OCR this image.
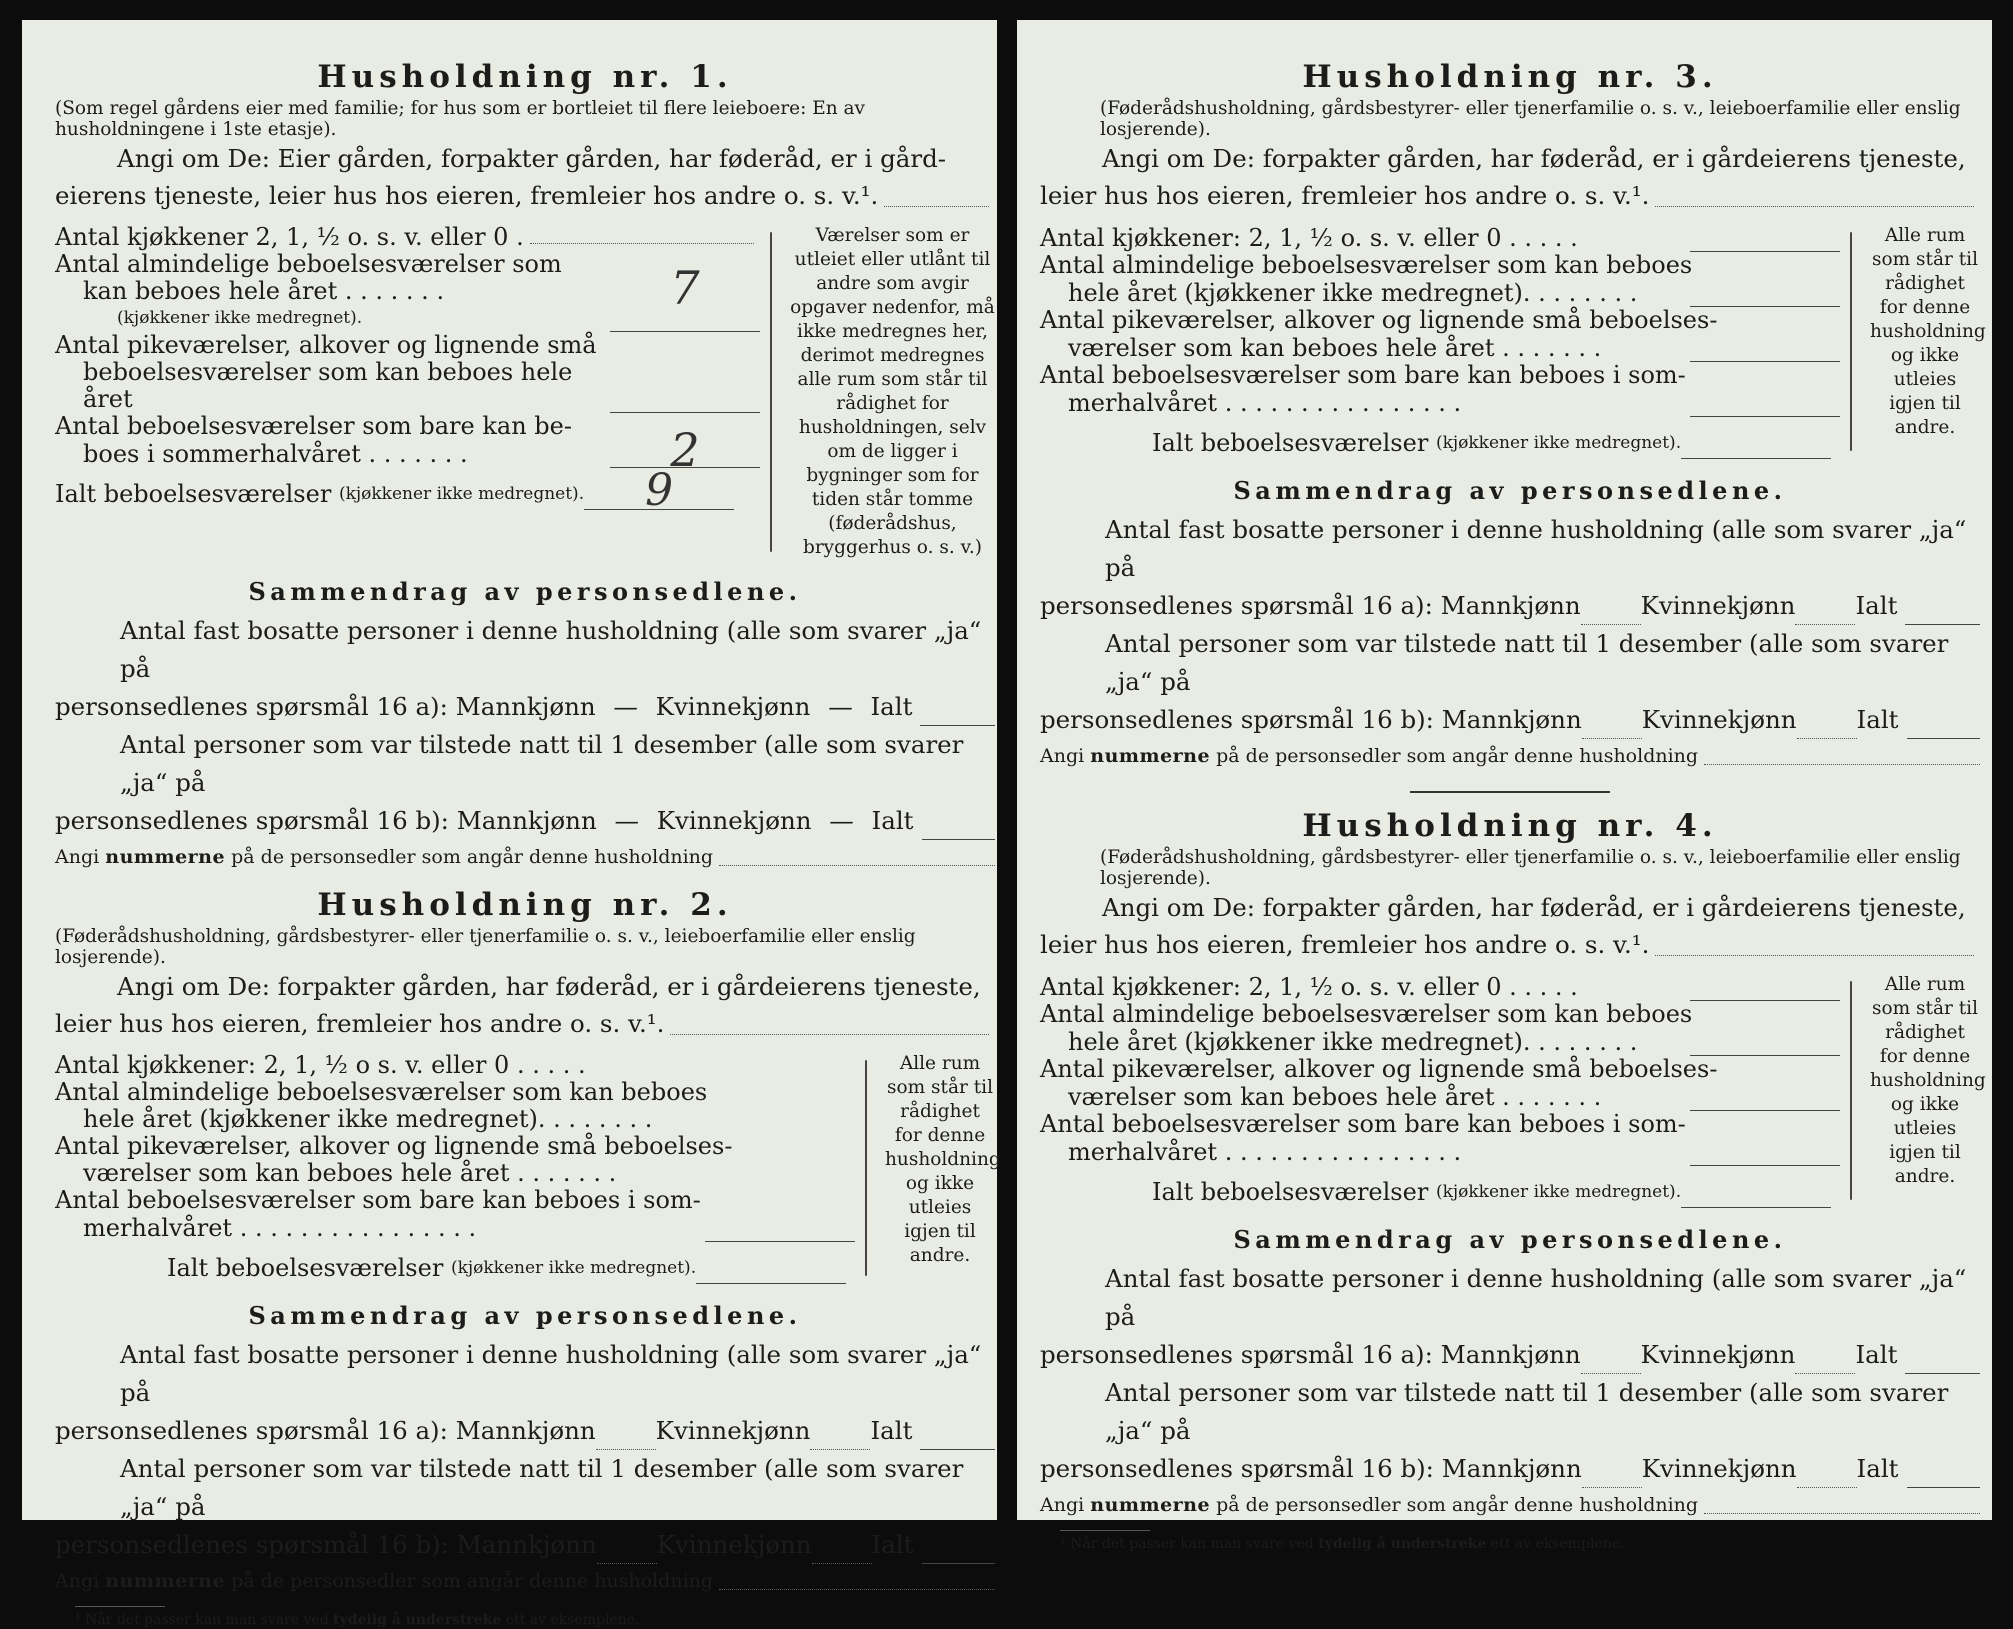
Husholdning nr. 1.
(Som regel gårdens eier med familie; for hus som er bortleiet til flere leieboere: En av husholdningene i 1ste etasje).
Angi om De: Eier gården, forpakter gården, har føderåd, er i gård-
eierens tjeneste, leier hus hos eieren, fremleier hos andre o. s. v.¹.
Antal kjøkkener 2, 1, ½ o. s. v. eller 0 .
Antal almindelige beboelsesværelser som
kan beboes hele året . . . . . . .	7
(kjøkkener ikke medregnet).
Antal pikeværelser, alkover og lignende små
beboelsesværelser som kan beboes hele året
Antal beboelsesværelser som bare kan be-
boes i sommerhalvåret . . . . . . .	2
Ialt beboelsesværelser
(kjøkkener ikke medregnet).	9
Værelser som er utleiet eller utlånt til andre som avgir opgaver nedenfor, må ikke medregnes her, derimot medregnes alle rum som står til rådighet for husholdningen, selv om de ligger i bygninger som for tiden står tomme (føderådshus, bryggerhus o. s. v.)
Sammendrag av personsedlene.
Antal fast bosatte personer i denne husholdning (alle som svarer „ja“ på
personsedlenes spørsmål 16 a): Mannkjønn — Kvinnekjønn — Ialt
Antal personer som var tilstede natt til 1 desember (alle som svarer „ja“ på
personsedlenes spørsmål 16 b): Mannkjønn — Kvinnekjønn — Ialt
Angi
nummerne
på de personsedler som angår denne husholdning
Husholdning nr. 2.
(Føderådshusholdning, gårdsbestyrer- eller tjenerfamilie o. s. v., leieboerfamilie eller enslig losjerende).
Angi om De: forpakter gården, har føderåd, er i gårdeierens tjeneste,
leier hus hos eieren, fremleier hos andre o. s. v.¹.
Antal kjøkkener: 2, 1, ½ o s. v. eller 0 . . . . .
Antal almindelige beboelsesværelser som kan beboes
hele året (kjøkkener ikke medregnet). . . . . . . .
Antal pikeværelser, alkover og lignende små beboelses-
værelser som kan beboes hele året . . . . . . .
Antal beboelsesværelser som bare kan beboes i som-
merhalvåret . . . . . . . . . . . . . . . .
Ialt beboelsesværelser
(kjøkkener ikke medregnet).
Alle rum som står til rådighet for denne husholdning og ikke utleies igjen til andre.
Sammendrag av personsedlene.
Antal fast bosatte personer i denne husholdning (alle som svarer „ja“ på
personsedlenes spørsmål 16 a): Mannkjønn Kvinnekjønn Ialt
Antal personer som var tilstede natt til 1 desember (alle som svarer „ja“ på
personsedlenes spørsmål 16 b): Mannkjønn Kvinnekjønn Ialt
Angi
nummerne
på de personsedler som angår denne husholdning
¹ Når det passer kan man svare ved tydelig å understreke ett av eksemplene.
Husholdning nr. 3.
(Føderådshusholdning, gårdsbestyrer- eller tjenerfamilie o. s. v., leieboerfamilie eller enslig losjerende).
Angi om De: forpakter gården, har føderåd, er i gårdeierens tjeneste,
leier hus hos eieren, fremleier hos andre o. s. v.¹.
Antal kjøkkener: 2, 1, ½ o. s. v. eller 0 . . . . .
Antal almindelige beboelsesværelser som kan beboes
hele året (kjøkkener ikke medregnet). . . . . . . .
Antal pikeværelser, alkover og lignende små beboelses-
værelser som kan beboes hele året . . . . . . .
Antal beboelsesværelser som bare kan beboes i som-
merhalvåret . . . . . . . . . . . . . . . .
Ialt beboelsesværelser
(kjøkkener ikke medregnet).
Alle rum som står til rådighet for denne husholdning og ikke utleies igjen til andre.
Sammendrag av personsedlene.
Antal fast bosatte personer i denne husholdning (alle som svarer „ja“ på
personsedlenes spørsmål 16 a): Mannkjønn Kvinnekjønn Ialt
Antal personer som var tilstede natt til 1 desember (alle som svarer „ja“ på
personsedlenes spørsmål 16 b): Mannkjønn Kvinnekjønn Ialt
Angi
nummerne
på de personsedler som angår denne husholdning
Husholdning nr. 4.
(Føderådshusholdning, gårdsbestyrer- eller tjenerfamilie o. s. v., leieboerfamilie eller enslig losjerende).
Angi om De: forpakter gården, har føderåd, er i gårdeierens tjeneste,
leier hus hos eieren, fremleier hos andre o. s. v.¹.
Antal kjøkkener: 2, 1, ½ o. s. v. eller 0 . . . . .
Antal almindelige beboelsesværelser som kan beboes
hele året (kjøkkener ikke medregnet). . . . . . . .
Antal pikeværelser, alkover og lignende små beboelses-
værelser som kan beboes hele året . . . . . . .
Antal beboelsesværelser som bare kan beboes i som-
merhalvåret . . . . . . . . . . . . . . . .
Ialt beboelsesværelser
(kjøkkener ikke medregnet).
Alle rum som står til rådighet for denne husholdning og ikke utleies igjen til andre.
Sammendrag av personsedlene.
Antal fast bosatte personer i denne husholdning (alle som svarer „ja“ på
personsedlenes spørsmål 16 a): Mannkjønn Kvinnekjønn Ialt
Antal personer som var tilstede natt til 1 desember (alle som svarer „ja“ på
personsedlenes spørsmål 16 b): Mannkjønn Kvinnekjønn Ialt
Angi
nummerne
på de personsedler som angår denne husholdning
¹ Når det passer kan man svare ved tydelig å understreke ett av eksemplene.
